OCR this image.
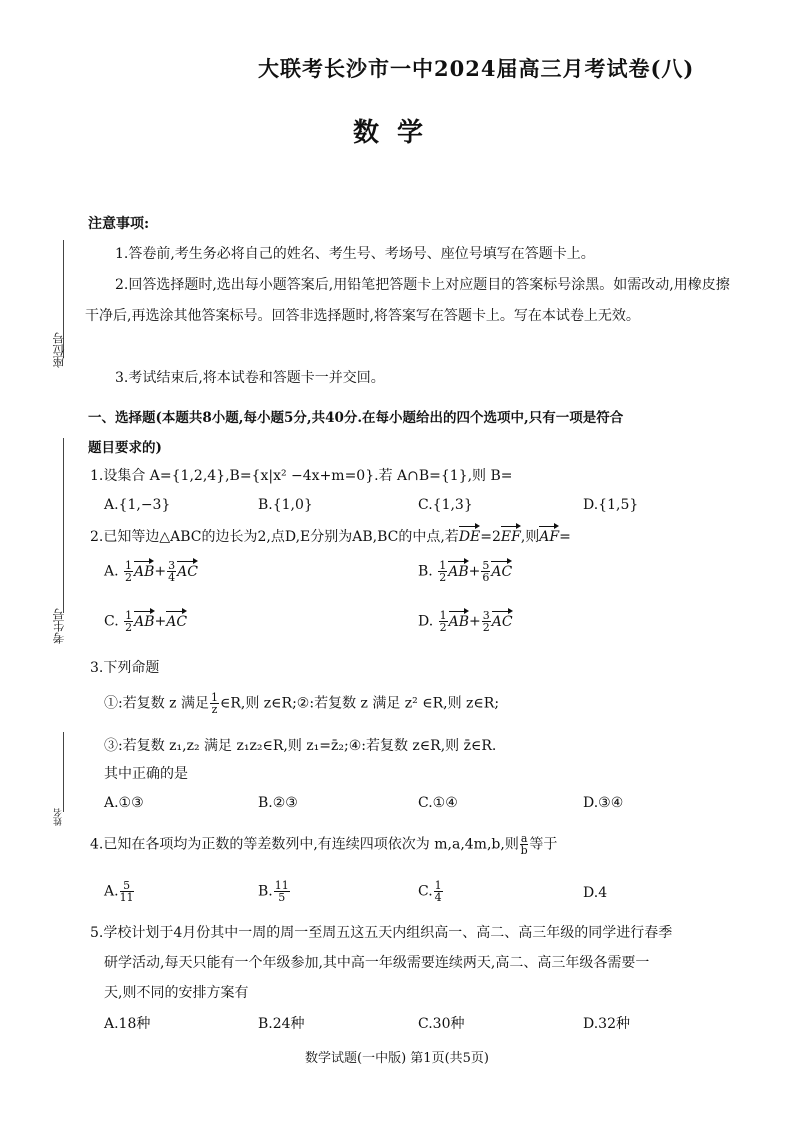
大联考长沙市一中2024届高三月考试卷(八)
数学
座位号
考生号
姓名
注意事项:
1.答卷前,考生务必将自己的姓名、考生号、考场号、座位号填写在答题卡上。
2.回答选择题时,选出每小题答案后,用铅笔把答题卡上对应题目的答案标号涂黑。如需改动,用橡皮擦干净后,再选涂其他答案标号。回答非选择题时,将答案写在答题卡上。写在本试卷上无效。
3.考试结束后,将本试卷和答题卡一并交回。
一、选择题(本题共8小题,每小题5分,共40分.在每小题给出的四个选项中,只有一项是符合
题目要求的)
1.设集合 A={1,2,4},B={x|x² −4x+m=0}.若 A∩B={1},则 B=
A.{1,−3}	B.{1,0}	C.{1,3}	D.{1,5}
2.已知等边△ABC的边长为2,点D,E分别为AB,BC的中点,若DE=2EF,则AF=
A. $\frac{1}{2} AB+ \frac{3}{4}$ AC	B. $\frac{1}{2} AB+ \frac{5}{6}$ AC
C. $\frac{1}{2} AB+AC$	D. $\frac{1}{2} AB+ \frac{3}{2}$ AC
3.下列命题
①:若复数 z 满足 $\frac{1}{z}$ ∈R,则 z∈R;②:若复数 z 满足 z² ∈R,则 z∈R;
③:若复数 z₁,z₂ 满足 z₁z₂∈R,则 z₁=z̄₂;④:若复数 z∈R,则 z̄∈R.
其中正确的是
A.①③	B.②③	C.①④	D.③④
4.已知在各项均为正数的等差数列中,有连续四项依次为 m,a,4m,b,则 $\frac{a}{b}$ 等于
A. $\frac{5}{11}$	B. $\frac{11}{5}$	C. $\frac{1}{4}$	D.4
5.学校计划于4月份其中一周的周一至周五这五天内组织高一、高二、高三年级的同学进行春季
研学活动,每天只能有一个年级参加,其中高一年级需要连续两天,高二、高三年级各需要一
天,则不同的安排方案有
A.18种	B.24种	C.30种	D.32种
数学试题(一中版) 第1页(共5页)
